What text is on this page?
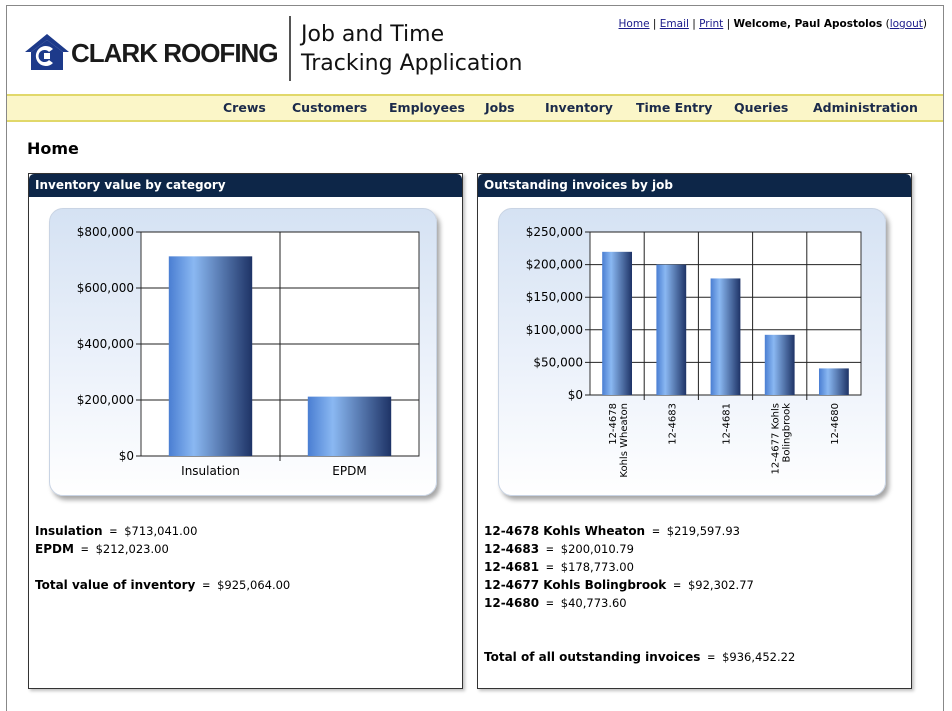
CLARK ROOFING
Job and Time
Tracking Application
Home | Email | Print | Welcome, Paul Apostolos (logout)
Crews Customers Employees Jobs Inventory Time Entry Queries Administration
Home
Inventory value by category
$0
$200,000
$400,000
$600,000
$800,000
Insulation	EPDM
Insulation = $713,041.00
EPDM = $212,023.00
Total value of inventory = $925,064.00
Outstanding invoices by job
$0
$50,000
$100,000
$150,000
$200,000
$250,000
12-4678 Kohls Wheaton	12-4683	12-4681	12-4677 Kohls Bolingbrook	12-4680
12-4678 Kohls Wheaton = $219,597.93
12-4683 = $200,010.79
12-4681 = $178,773.00
12-4677 Kohls Bolingbrook = $92,302.77
12-4680 = $40,773.60
Total of all outstanding invoices = $936,452.22
